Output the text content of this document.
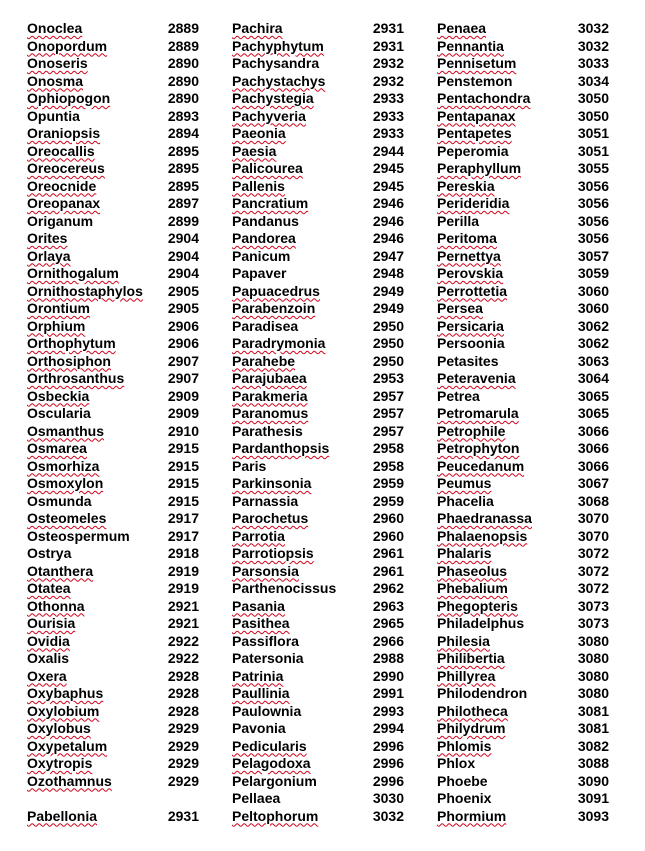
Onoclea	2889
Onopordum	2889
Onoseris	2890
Onosma	2890
Ophiopogon	2890
Opuntia	2893
Oraniopsis	2894
Oreocallis	2895
Oreocereus	2895
Oreocnide	2895
Oreopanax	2897
Origanum	2899
Orites	2904
Orlaya	2904
Ornithogalum	2904
Ornithostaphylos 2905
Orontium	2905
Orphium	2906
Orthophytum	2906
Orthosiphon	2907
Orthrosanthus	2907
Osbeckia	2909
Oscularia	2909
Osmanthus	2910
Osmarea	2915
Osmorhiza	2915
Osmoxylon	2915
Osmunda	2915
Osteomeles	2917
Osteospermum	2917
Ostrya	2918
Otanthera	2919
Otatea	2919
Othonna	2921
Ourisia	2921
Ovidia	2922
Oxalis	2922
Oxera	2928
Oxybaphus	2928
Oxylobium	2928
Oxylobus	2929
Oxypetalum	2929
Oxytropis	2929
Ozothamnus	2929
Pabellonia	2931
Pachira	2931
Pachyphytum	2931
Pachysandra	2932
Pachystachys	2932
Pachystegia	2933
Pachyveria	2933
Paeonia	2933
Paesia	2944
Palicourea	2945
Pallenis	2945
Pancratium	2946
Pandanus	2946
Pandorea	2946
Panicum	2947
Papaver	2948
Papuacedrus	2949
Parabenzoin	2949
Paradisea	2950
Paradrymonia	2950
Parahebe	2950
Parajubaea	2953
Parakmeria	2957
Paranomus	2957
Parathesis	2957
Pardanthopsis	2958
Paris	2958
Parkinsonia	2959
Parnassia	2959
Parochetus	2960
Parrotia	2960
Parrotiopsis	2961
Parsonsia	2961
Parthenocissus	2962
Pasania	2963
Pasithea	2965
Passiflora	2966
Patersonia	2988
Patrinia	2990
Paullinia	2991
Paulownia	2993
Pavonia	2994
Pedicularis	2996
Pelagodoxa	2996
Pelargonium	2996
Pellaea	3030
Peltophorum	3032
Penaea	3032
Pennantia	3032
Pennisetum	3033
Penstemon	3034
Pentachondra	3050
Pentapanax	3050
Pentapetes	3051
Peperomia	3051
Peraphyllum	3055
Pereskia	3056
Perideridia	3056
Perilla	3056
Peritoma	3056
Pernettya	3057
Perovskia	3059
Perrottetia	3060
Persea	3060
Persicaria	3062
Persoonia	3062
Petasites	3063
Peteravenia	3064
Petrea	3065
Petromarula	3065
Petrophile	3066
Petrophyton	3066
Peucedanum	3066
Peumus	3067
Phacelia	3068
Phaedranassa	3070
Phalaenopsis	3070
Phalaris	3072
Phaseolus	3072
Phebalium	3072
Phegopteris	3073
Philadelphus	3073
Philesia	3080
Philibertia	3080
Phillyrea	3080
Philodendron	3080
Philotheca	3081
Philydrum	3081
Phlomis	3082
Phlox	3088
Phoebe	3090
Phoenix	3091
Phormium	3093
